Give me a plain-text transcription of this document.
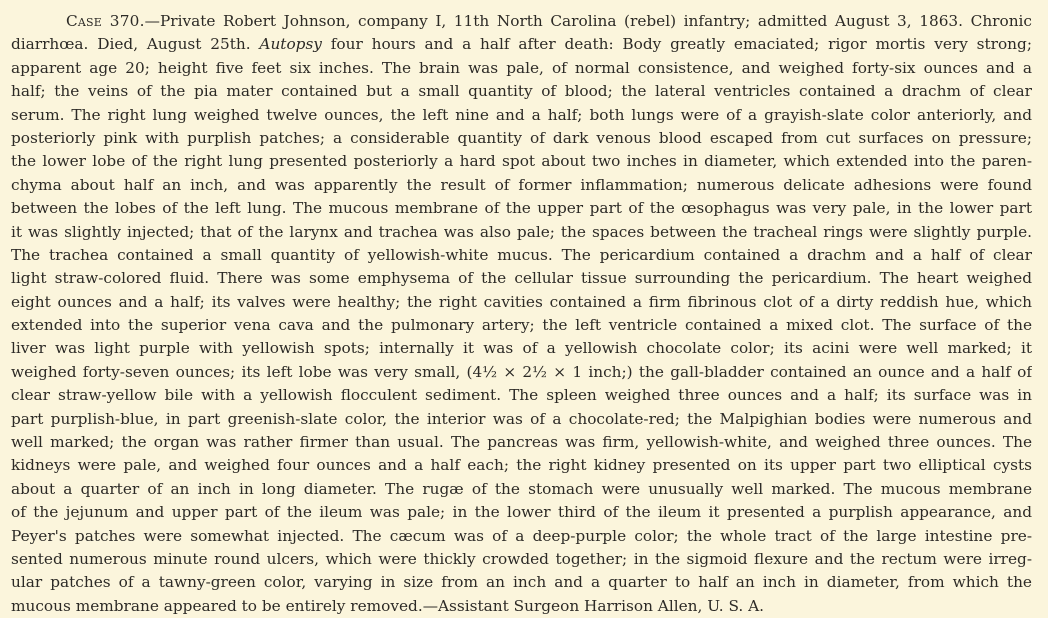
Case 370.—Private Robert Johnson, company I, 11th North Carolina (rebel) infantry; admitted August 3, 1863. Chronic
diarrhœa. Died, August 25th. Autopsy four hours and a half after death: Body greatly emaciated; rigor mortis very strong;
apparent age 20; height five feet six inches. The brain was pale, of normal consistence, and weighed forty-six ounces and a
half; the veins of the pia mater contained but a small quantity of blood; the lateral ventricles contained a drachm of clear
serum. The right lung weighed twelve ounces, the left nine and a half; both lungs were of a grayish-slate color anteriorly, and
posteriorly pink with purplish patches; a considerable quantity of dark venous blood escaped from cut surfaces on pressure;
the lower lobe of the right lung presented posteriorly a hard spot about two inches in diameter, which extended into the paren-
chyma about half an inch, and was apparently the result of former inflammation; numerous delicate adhesions were found
between the lobes of the left lung. The mucous membrane of the upper part of the œsophagus was very pale, in the lower part
it was slightly injected; that of the larynx and trachea was also pale; the spaces between the tracheal rings were slightly purple.
The trachea contained a small quantity of yellowish-white mucus. The pericardium contained a drachm and a half of clear
light straw-colored fluid. There was some emphysema of the cellular tissue surrounding the pericardium. The heart weighed
eight ounces and a half; its valves were healthy; the right cavities contained a firm fibrinous clot of a dirty reddish hue, which
extended into the superior vena cava and the pulmonary artery; the left ventricle contained a mixed clot. The surface of the
liver was light purple with yellowish spots; internally it was of a yellowish chocolate color; its acini were well marked; it
weighed forty-seven ounces; its left lobe was very small, (4½ × 2½ × 1 inch;) the gall-bladder contained an ounce and a half of
clear straw-yellow bile with a yellowish flocculent sediment. The spleen weighed three ounces and a half; its surface was in
part purplish-blue, in part greenish-slate color, the interior was of a chocolate-red; the Malpighian bodies were numerous and
well marked; the organ was rather firmer than usual. The pancreas was firm, yellowish-white, and weighed three ounces. The
kidneys were pale, and weighed four ounces and a half each; the right kidney presented on its upper part two elliptical cysts
about a quarter of an inch in long diameter. The rugæ of the stomach were unusually well marked. The mucous membrane
of the jejunum and upper part of the ileum was pale; in the lower third of the ileum it presented a purplish appearance, and
Peyer's patches were somewhat injected. The cæcum was of a deep-purple color; the whole tract of the large intestine pre-
sented numerous minute round ulcers, which were thickly crowded together; in the sigmoid flexure and the rectum were irreg-
ular patches of a tawny-green color, varying in size from an inch and a quarter to half an inch in diameter, from which the
mucous membrane appeared to be entirely removed.—Assistant Surgeon Harrison Allen, U. S. A.
